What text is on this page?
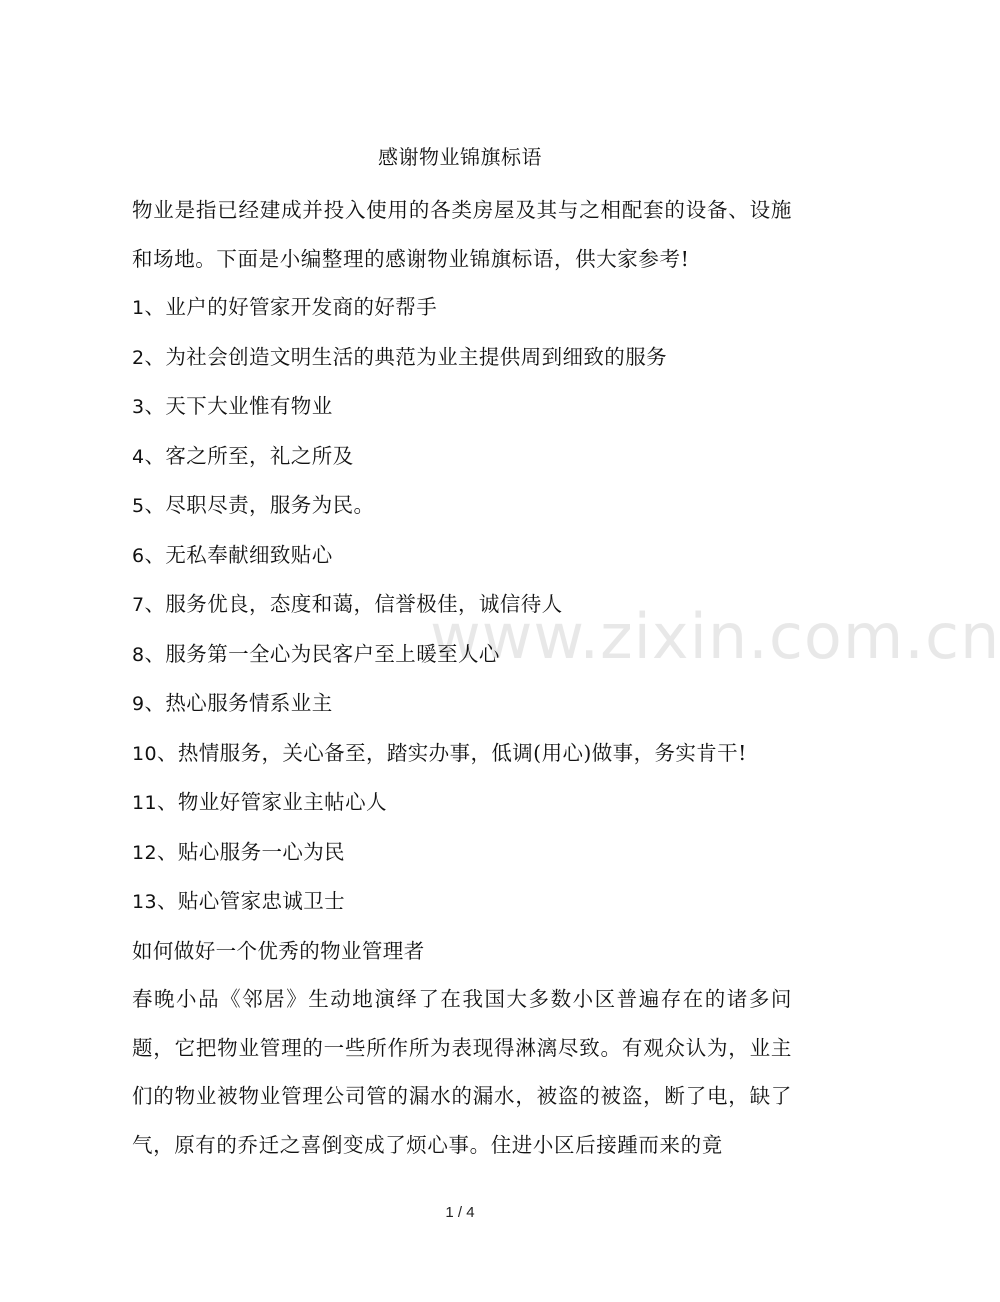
感谢物业锦旗标语

物业是指已经建成并投入使用的各类房屋及其与之相配套的设备、设施和场地。下面是小编整理的感谢物业锦旗标语，供大家参考!

1、业户的好管家开发商的好帮手

2、为社会创造文明生活的典范为业主提供周到细致的服务

3、天下大业惟有物业

4、客之所至，礼之所及

5、尽职尽责，服务为民。

6、无私奉献细致贴心

7、服务优良，态度和蔼，信誉极佳，诚信待人

8、服务第一全心为民客户至上暖至人心

9、热心服务情系业主

10、热情服务，关心备至，踏实办事，低调(用心)做事，务实肯干!

11、物业好管家业主帖心人

12、贴心服务一心为民

13、贴心管家忠诚卫士

如何做好一个优秀的物业管理者

春晚小品《邻居》生动地演绎了在我国大多数小区普遍存在的诸多问题，它把物业管理的一些所作所为表现得淋漓尽致。有观众认为，业主们的物业被物业管理公司管的漏水的漏水，被盗的被盗，断了电，缺了气，原有的乔迁之喜倒变成了烦心事。住进小区后接踵而来的竟

www.zixin.com.cn
1 / 4
